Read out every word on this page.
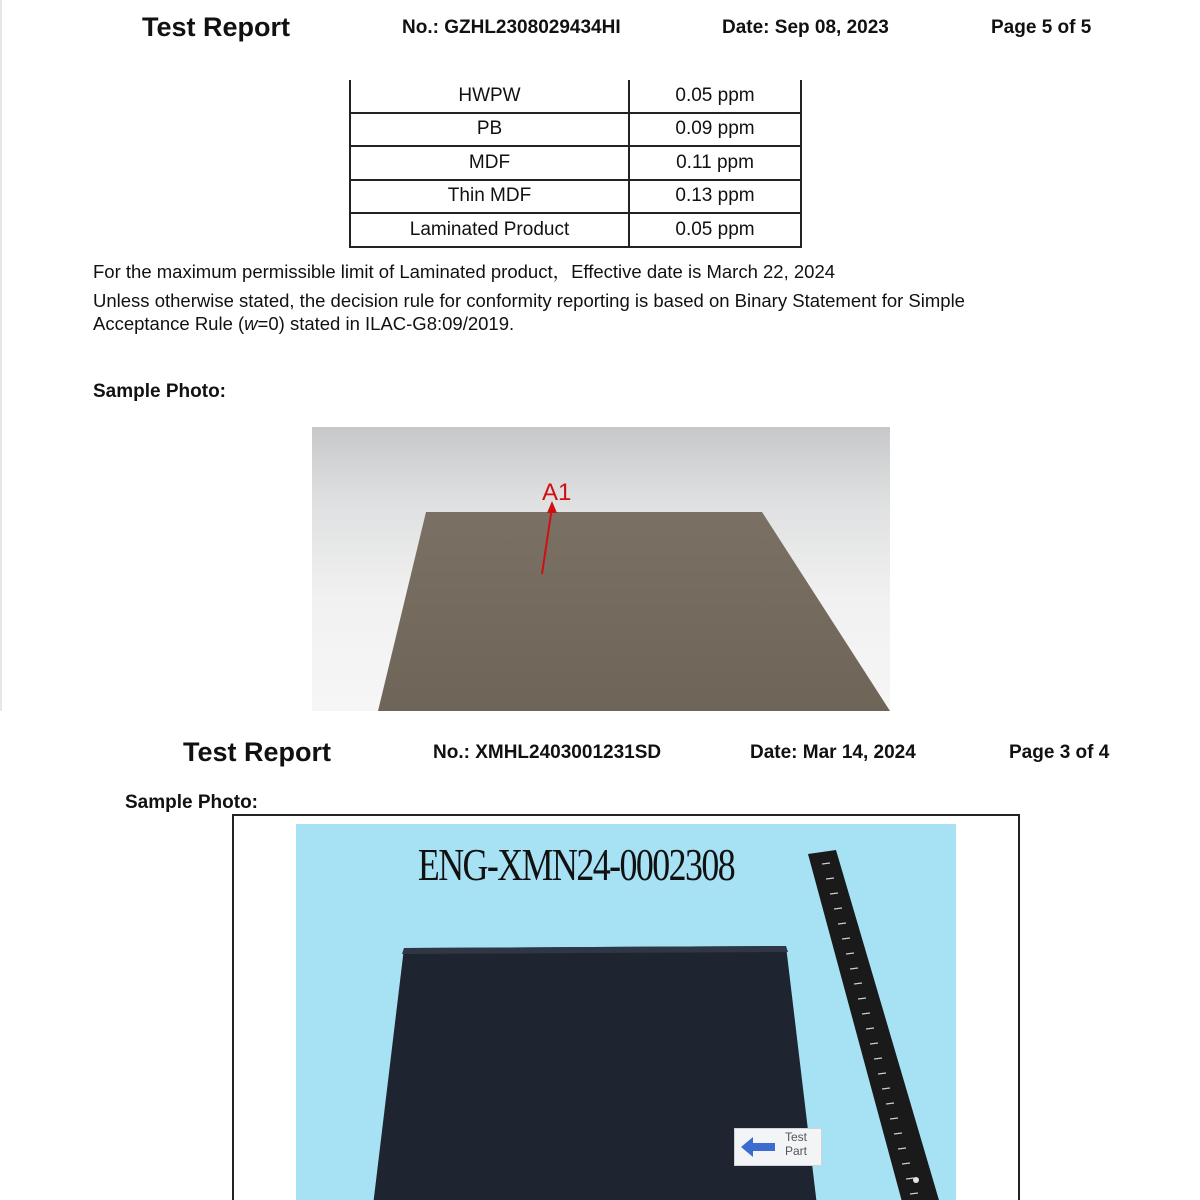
Test Report	No.: GZHL2308029434HI	Date: Sep 08, 2023	Page 5 of 5
HWPW	0.05 ppm
PB	0.09 ppm
MDF	0.11 ppm
Thin MDF	0.13 ppm
Laminated Product	0.05 ppm
For the maximum permissible limit of Laminated product，Effective date is March 22, 2024
Unless otherwise stated, the decision rule for conformity reporting is based on Binary Statement for Simple
Acceptance Rule (w=0) stated in ILAC-G8:09/2019.
Sample Photo:
A1
Test Report	No.: XMHL2403001231SD	Date: Mar 14, 2024	Page 3 of 4
Sample Photo:
ENG-XMN24-0002308
Test
Part
